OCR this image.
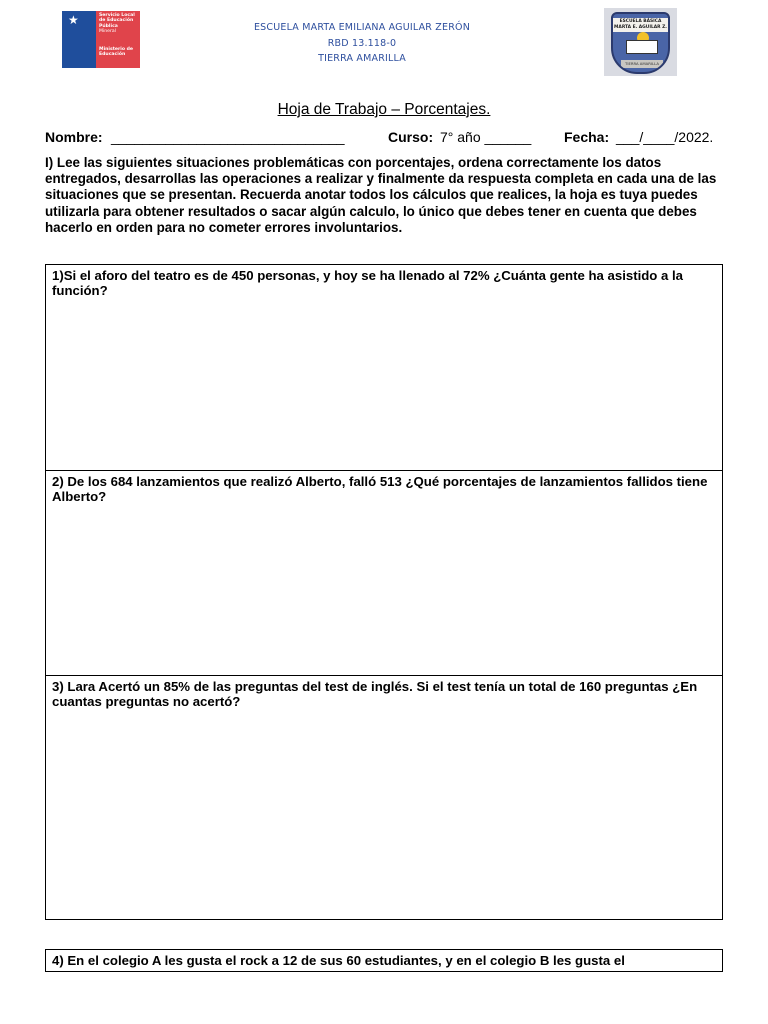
★	Servicio Local
de Educación
Pública
Mineral
Ministerio de
Educación
ESCUELA MARTA EMILIANA AGUILAR ZERÓN
RBD 13.118-0
TIERRA AMARILLA
ESCUELA BÁSICA
MARTA E. AGUILAR Z.
TIERRA AMARILLA
Hoja de Trabajo – Porcentajes.
Nombre: ______________________________	Curso: 7° año ______ Fecha: ___/____/2022.
I) Lee las siguientes situaciones problemáticas con porcentajes, ordena correctamente los datos entregados, desarrollas las operaciones a realizar y finalmente da respuesta completa en cada una de las situaciones que se presentan. Recuerda anotar todos los cálculos que realices, la hoja es tuya puedes utilizarla para obtener resultados o sacar algún calculo, lo único que debes tener en cuenta que debes hacerlo en orden para no cometer errores involuntarios.
1)Si el aforo del teatro es de 450 personas, y hoy se ha llenado al 72% ¿Cuánta gente ha asistido a la función?
2) De los 684 lanzamientos que realizó Alberto, falló 513 ¿Qué porcentajes de lanzamientos fallidos tiene Alberto?
3) Lara Acertó un 85% de las preguntas del test de inglés. Si el test tenía un total de 160 preguntas ¿En cuantas preguntas no acertó?
4) En el colegio A les gusta el rock a 12 de sus 60 estudiantes, y en el colegio B les gusta el
